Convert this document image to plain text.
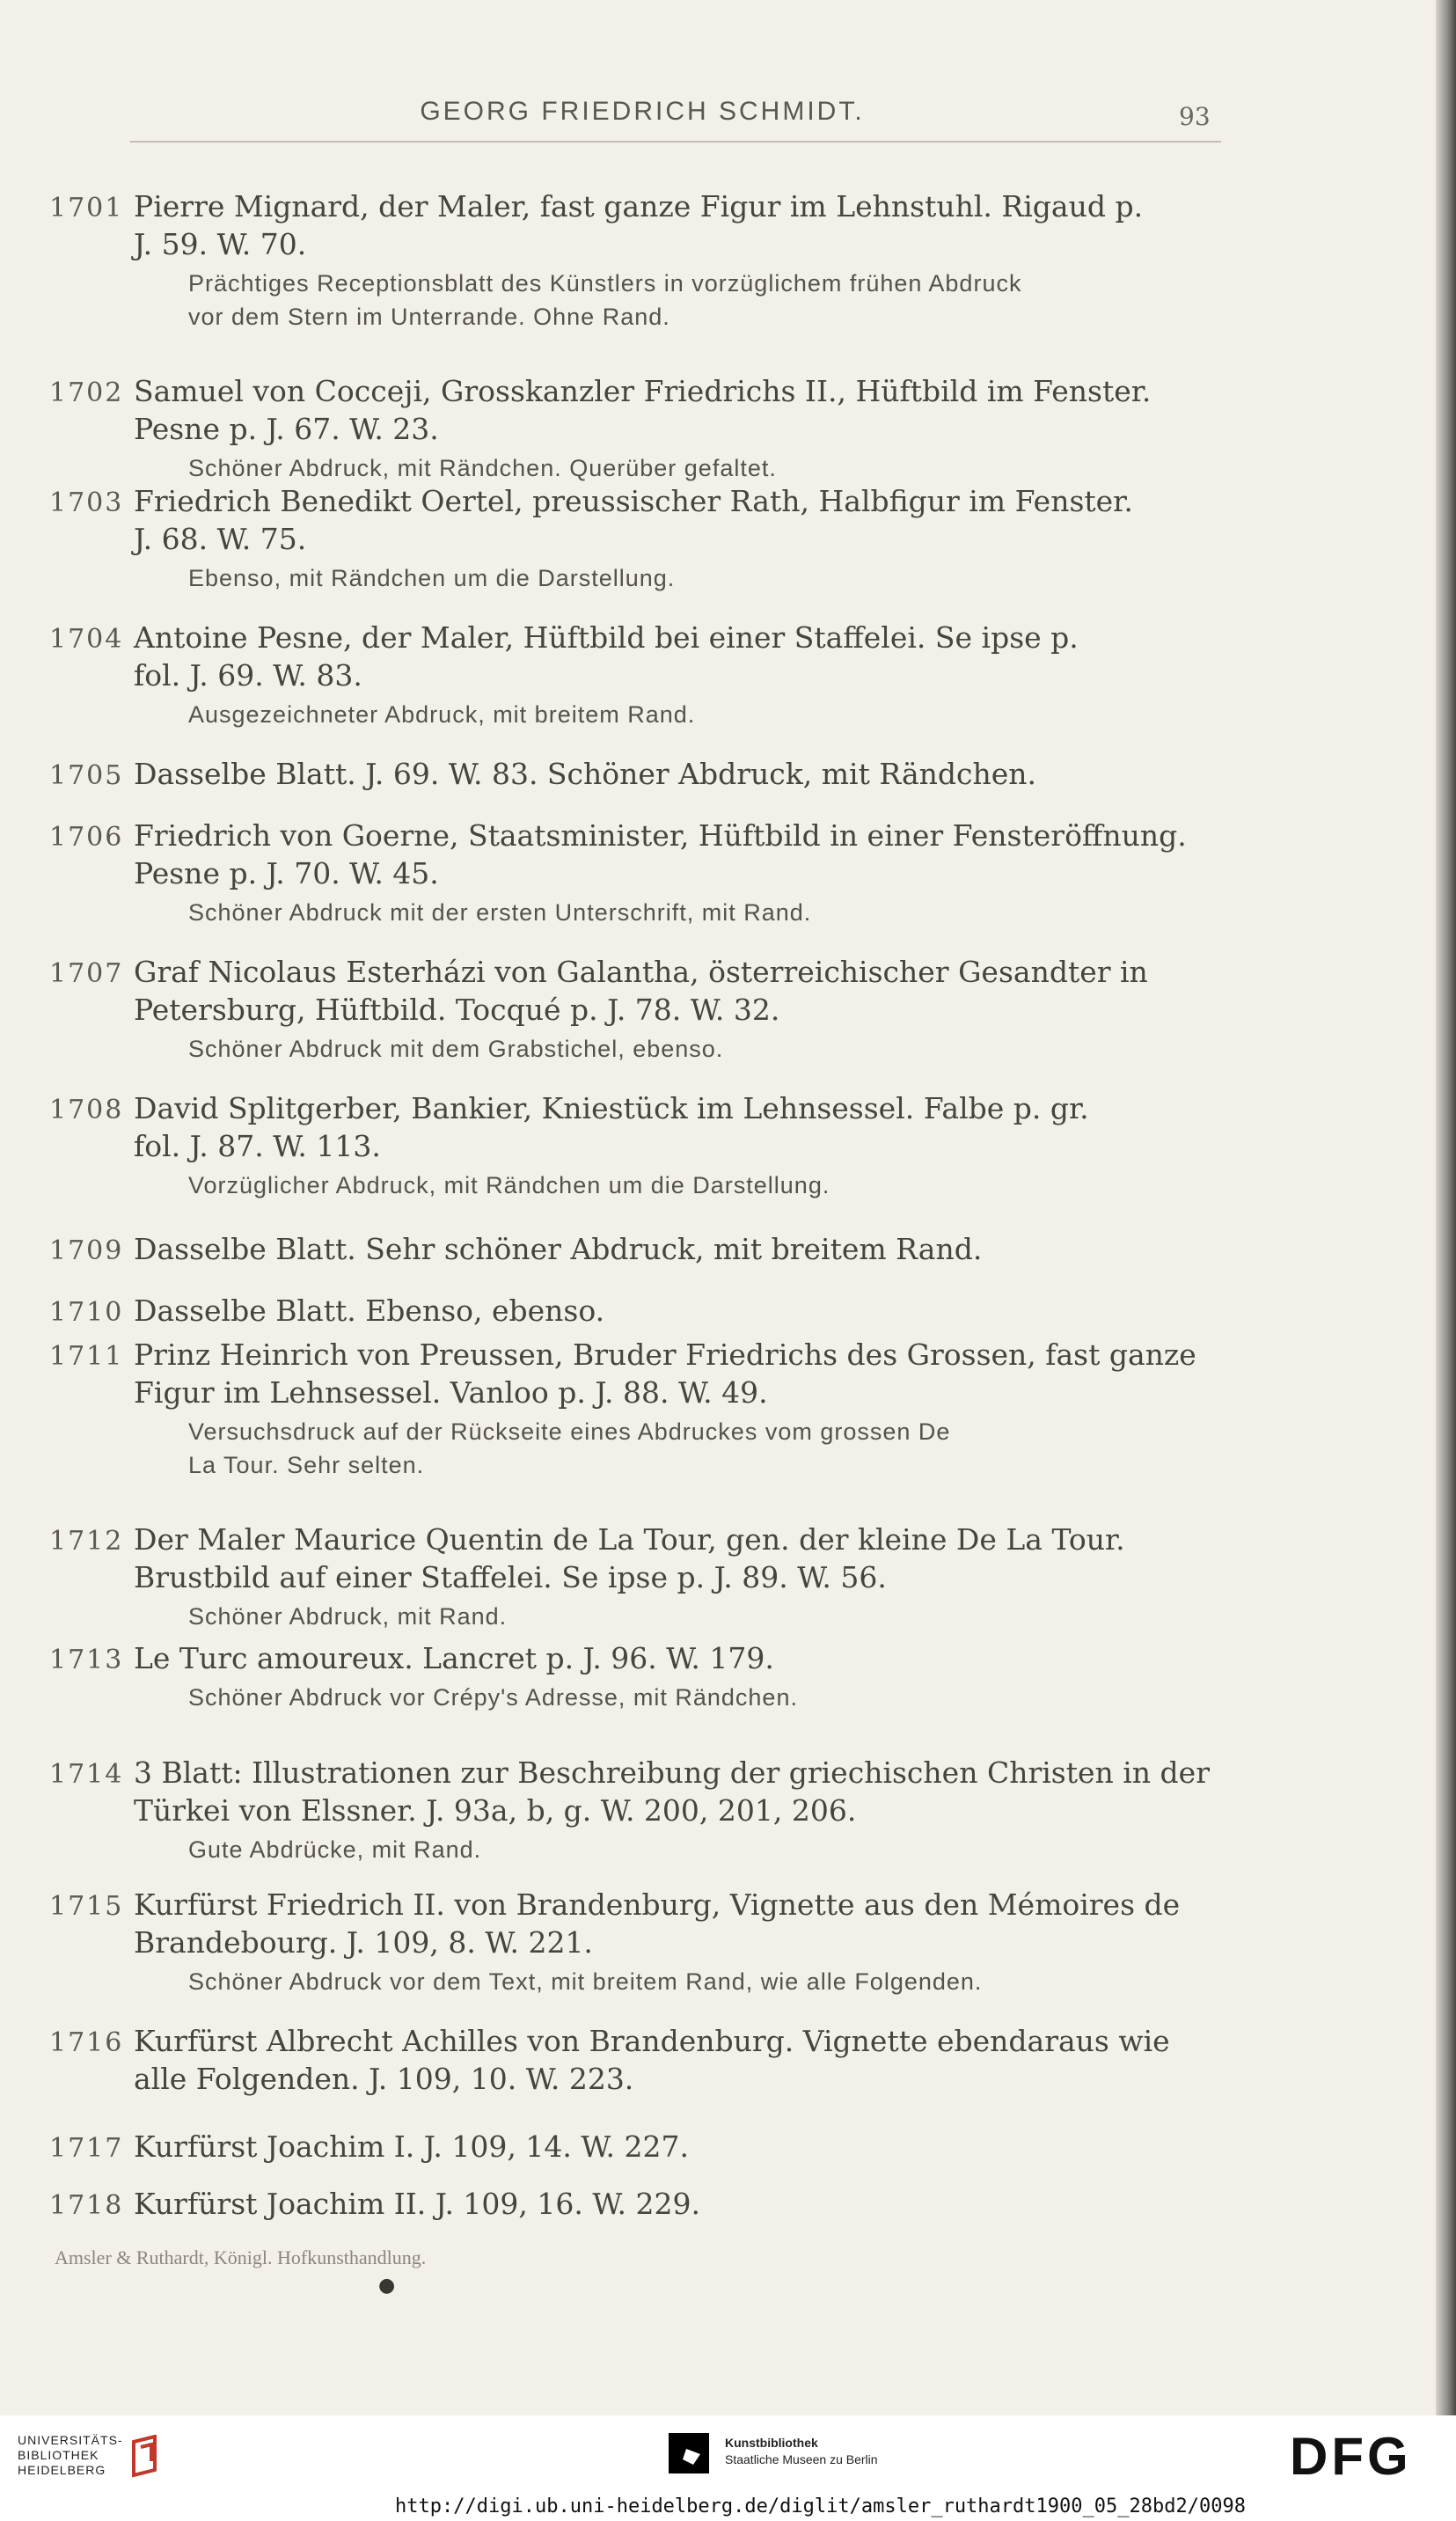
GEORG FRIEDRICH SCHMIDT.	93
1701 Pierre Mignard, der Maler, fast ganze Figur im Lehnstuhl. Rigaud p.
J. 59. W. 70.
Prächtiges Receptionsblatt des Künstlers in vorzüglichem frühen Abdruck
vor dem Stern im Unterrande. Ohne Rand.
1702 Samuel von Cocceji, Grosskanzler Friedrichs II., Hüftbild im Fenster.
Pesne p. J. 67. W. 23.
Schöner Abdruck, mit Rändchen. Querüber gefaltet.
1703 Friedrich Benedikt Oertel, preussischer Rath, Halbfigur im Fenster.
J. 68. W. 75.
Ebenso, mit Rändchen um die Darstellung.
1704 Antoine Pesne, der Maler, Hüftbild bei einer Staffelei. Se ipse p.
fol. J. 69. W. 83.
Ausgezeichneter Abdruck, mit breitem Rand.
1705 Dasselbe Blatt. J. 69. W. 83. Schöner Abdruck, mit Rändchen.
1706 Friedrich von Goerne, Staatsminister, Hüftbild in einer Fensteröffnung.
Pesne p. J. 70. W. 45.
Schöner Abdruck mit der ersten Unterschrift, mit Rand.
1707 Graf Nicolaus Esterházi von Galantha, österreichischer Gesandter in
Petersburg, Hüftbild. Tocqué p. J. 78. W. 32.
Schöner Abdruck mit dem Grabstichel, ebenso.
1708 David Splitgerber, Bankier, Kniestück im Lehnsessel. Falbe p. gr.
fol. J. 87. W. 113.
Vorzüglicher Abdruck, mit Rändchen um die Darstellung.
1709 Dasselbe Blatt. Sehr schöner Abdruck, mit breitem Rand.
1710 Dasselbe Blatt. Ebenso, ebenso.
1711 Prinz Heinrich von Preussen, Bruder Friedrichs des Grossen, fast ganze
Figur im Lehnsessel. Vanloo p. J. 88. W. 49.
Versuchsdruck auf der Rückseite eines Abdruckes vom grossen De
La Tour. Sehr selten.
1712 Der Maler Maurice Quentin de La Tour, gen. der kleine De La Tour.
Brustbild auf einer Staffelei. Se ipse p. J. 89. W. 56.
Schöner Abdruck, mit Rand.
1713 Le Turc amoureux. Lancret p. J. 96. W. 179.
Schöner Abdruck vor Crépy's Adresse, mit Rändchen.
1714 3 Blatt: Illustrationen zur Beschreibung der griechischen Christen in der
Türkei von Elssner. J. 93a, b, g. W. 200, 201, 206.
Gute Abdrücke, mit Rand.
1715 Kurfürst Friedrich II. von Brandenburg, Vignette aus den Mémoires de
Brandebourg. J. 109, 8. W. 221.
Schöner Abdruck vor dem Text, mit breitem Rand, wie alle Folgenden.
1716 Kurfürst Albrecht Achilles von Brandenburg. Vignette ebendaraus wie
alle Folgenden. J. 109, 10. W. 223.
1717 Kurfürst Joachim I. J. 109, 14. W. 227.
1718 Kurfürst Joachim II. J. 109, 16. W. 229.
Amsler & Ruthardt, Königl. Hofkunsthandlung.
●
UNIVERSITÄTS-
BIBLIOTHEK
HEIDELBERG
Kunstbibliothek
Staatliche Museen zu Berlin	DFG
http://digi.ub.uni-heidelberg.de/diglit/amsler_ruthardt1900_05_28bd2/0098
